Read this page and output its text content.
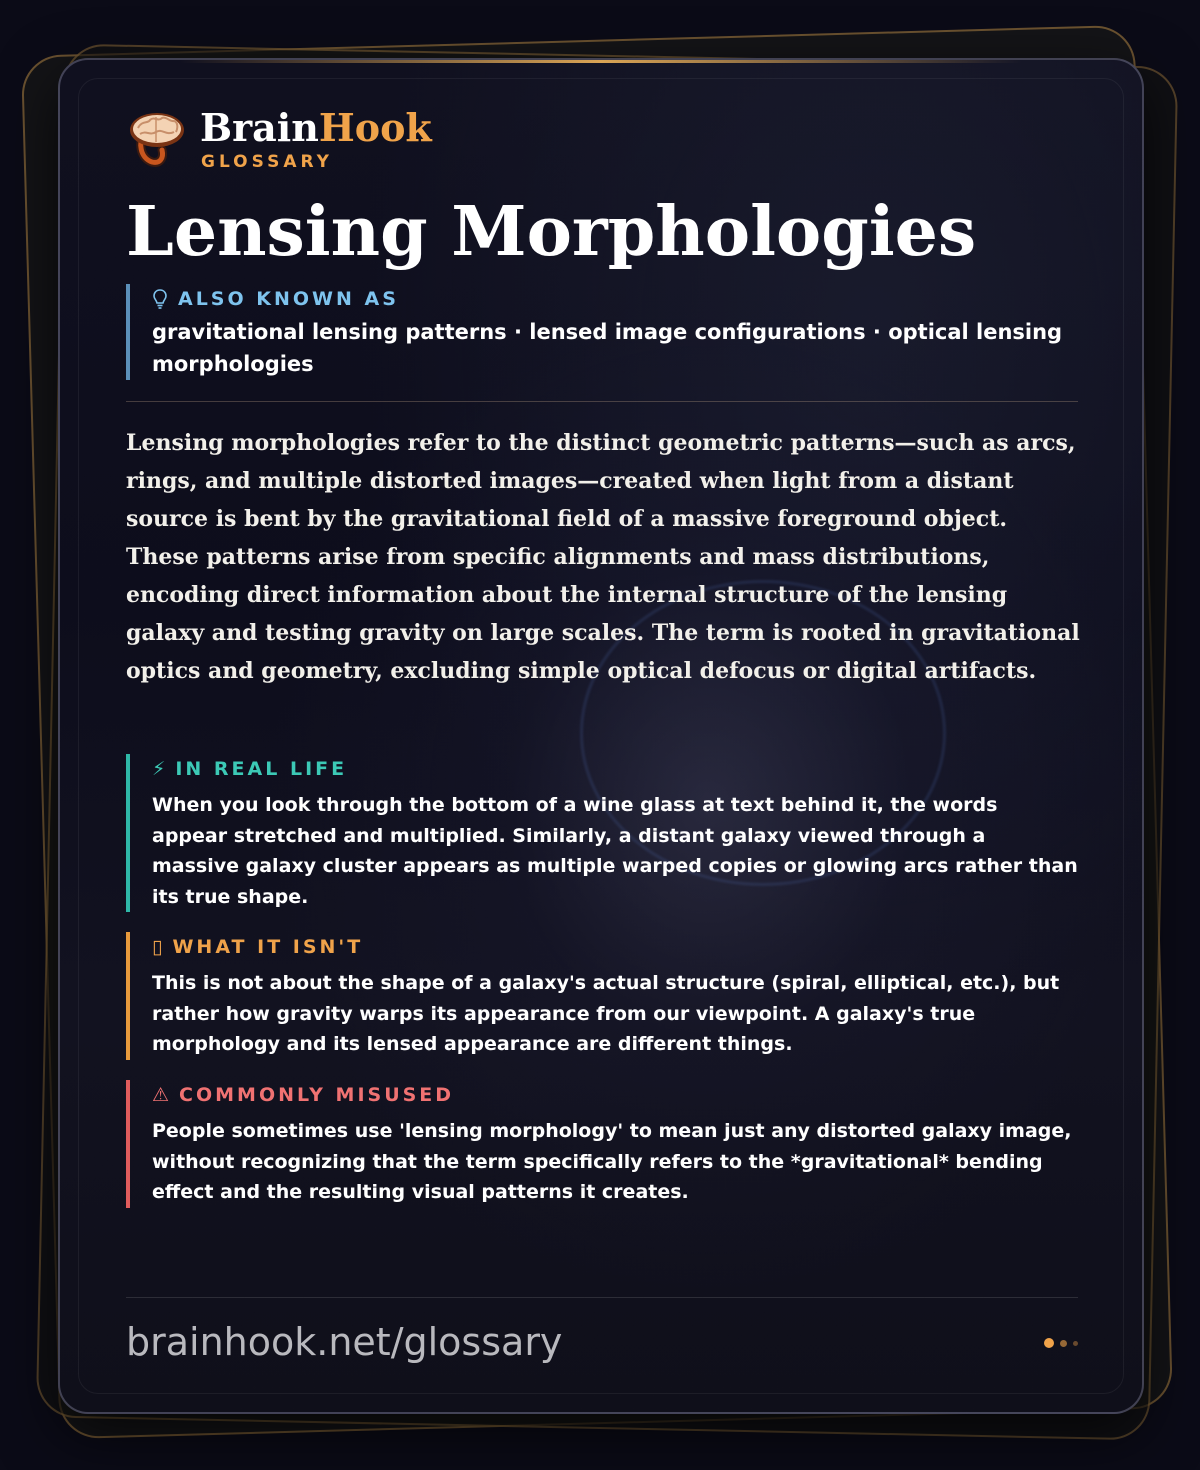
BrainHook
GLOSSARY
Lensing Morphologies
ALSO KNOWN AS
gravitational lensing patterns · lensed image configurations · optical lensing morphologies

Lensing morphologies refer to the distinct geometric patterns—such as arcs, rings, and multiple distorted images—created when light from a distant source is bent by the gravitational field of a massive foreground object. These patterns arise from specific alignments and mass distributions, encoding direct information about the internal structure of the lensing galaxy and testing gravity on large scales. The term is rooted in gravitational optics and geometry, excluding simple optical defocus or digital artifacts.

⚡ IN REAL LIFE
When you look through the bottom of a wine glass at text behind it, the words appear stretched and multiplied. Similarly, a distant galaxy viewed through a massive galaxy cluster appears as multiple warped copies or glowing arcs rather than its true shape.
▯ WHAT IT ISN'T
This is not about the shape of a galaxy's actual structure (spiral, elliptical, etc.), but rather how gravity warps its appearance from our viewpoint. A galaxy's true morphology and its lensed appearance are different things.
⚠ COMMONLY MISUSED
People sometimes use 'lensing morphology' to mean just any distorted galaxy image, without recognizing that the term specifically refers to the *gravitational* bending effect and the resulting visual patterns it creates.
brainhook.net/glossary
